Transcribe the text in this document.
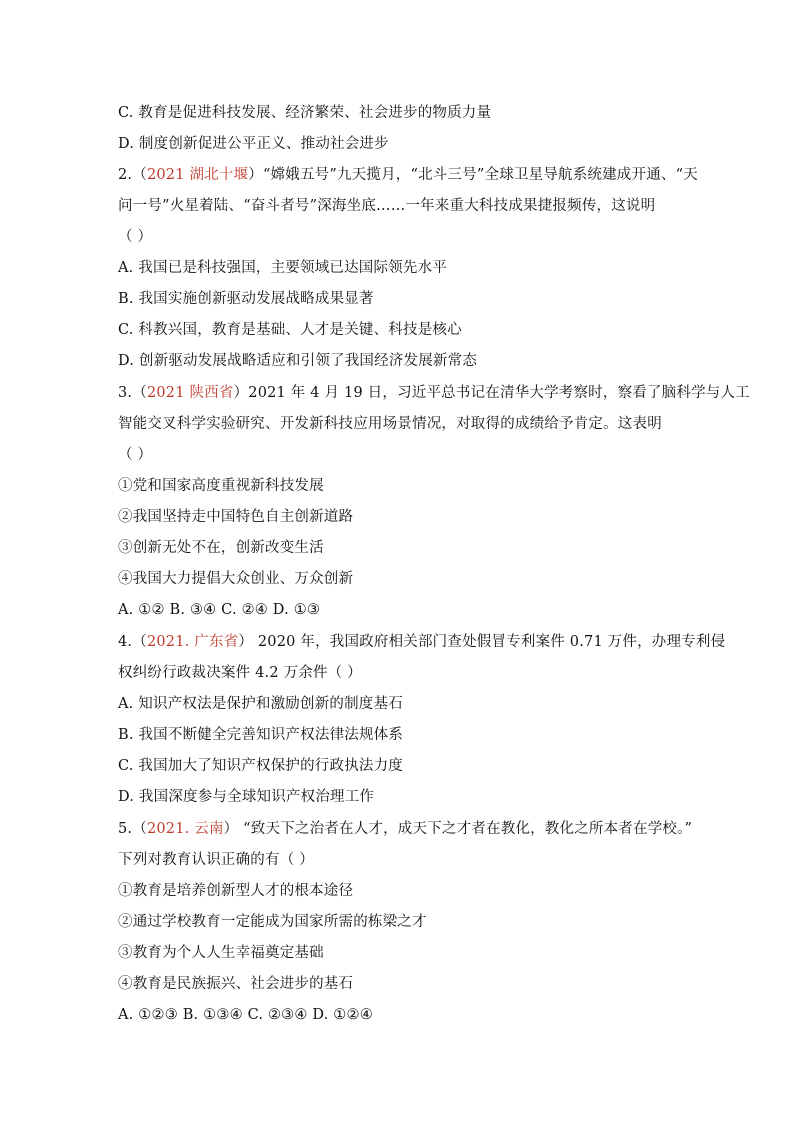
C. 教育是促进科技发展、经济繁荣、社会进步的物质力量
D. 制度创新促进公平正义、推动社会进步
2.（2021 湖北十堰）“嫦娥五号”九天揽月，“北斗三号”全球卫星导航系统建成开通、“天
问一号”火星着陆、“奋斗者号”深海坐底……一年来重大科技成果捷报频传，这说明
（ ）
A. 我国已是科技强国，主要领域已达国际领先水平
B. 我国实施创新驱动发展战略成果显著
C. 科教兴国，教育是基础、人才是关键、科技是核心
D. 创新驱动发展战略适应和引领了我国经济发展新常态
3.（2021 陕西省）2021 年 4 月 19 日，习近平总书记在清华大学考察时，察看了脑科学与人工
智能交叉科学实验研究、开发新科技应用场景情况，对取得的成绩给予肯定。这表明
（ ）
①党和国家高度重视新科技发展
②我国坚持走中国特色自主创新道路
③创新无处不在，创新改变生活
④我国大力提倡大众创业、万众创新
A. ①② B. ③④ C. ②④ D. ①③
4.（2021. 广东省） 2020 年，我国政府相关部门查处假冒专利案件 0.71 万件，办理专利侵
权纠纷行政裁决案件 4.2 万余件（ ）
A. 知识产权法是保护和激励创新的制度基石
B. 我国不断健全完善知识产权法律法规体系
C. 我国加大了知识产权保护的行政执法力度
D. 我国深度参与全球知识产权治理工作
5.（2021. 云南） “致天下之治者在人才，成天下之才者在教化，教化之所本者在学校。”
下列对教育认识正确的有（ ）
①教育是培养创新型人才的根本途径
②通过学校教育一定能成为国家所需的栋梁之才
③教育为个人人生幸福奠定基础
④教育是民族振兴、社会进步的基石
A. ①②③ B. ①③④ C. ②③④ D. ①②④
